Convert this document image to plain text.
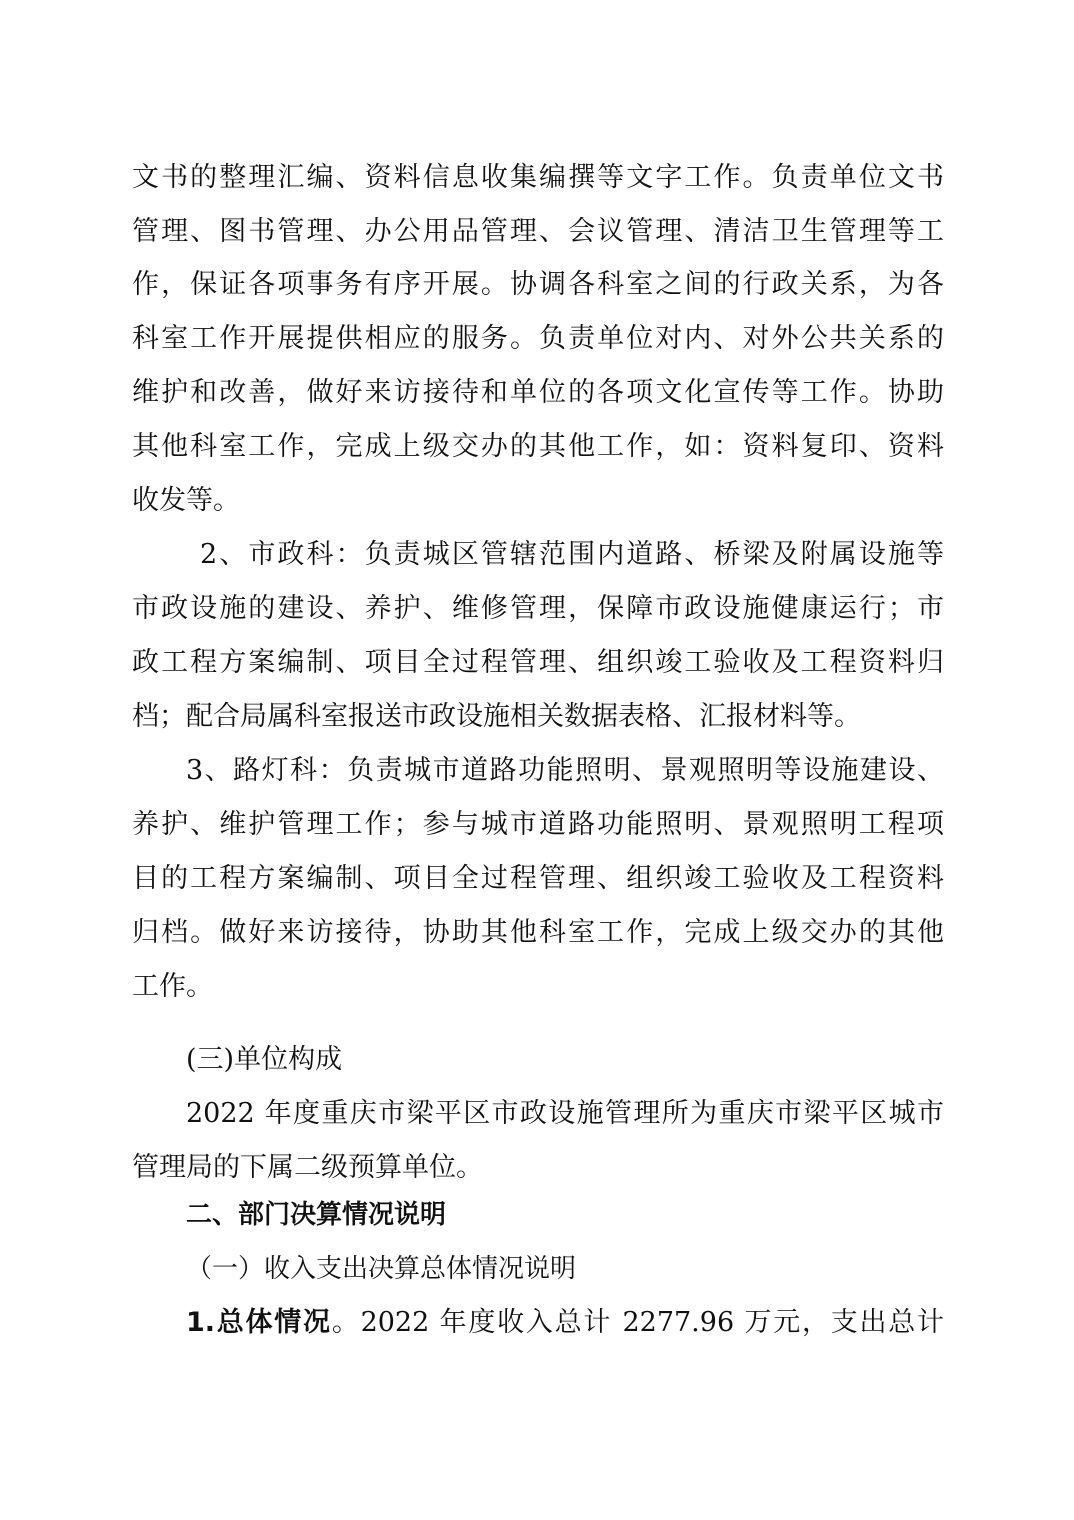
文书的整理汇编、资料信息收集编撰等文字工作。负责单位文书
管理、图书管理、办公用品管理、会议管理、清洁卫生管理等工
作，保证各项事务有序开展。协调各科室之间的行政关系，为各
科室工作开展提供相应的服务。负责单位对内、对外公共关系的
维护和改善，做好来访接待和单位的各项文化宣传等工作。协助
其他科室工作，完成上级交办的其他工作，如：资料复印、资料
收发等。
2、市政科：负责城区管辖范围内道路、桥梁及附属设施等
市政设施的建设、养护、维修管理，保障市政设施健康运行；市
政工程方案编制、项目全过程管理、组织竣工验收及工程资料归
档；配合局属科室报送市政设施相关数据表格、汇报材料等。
3、路灯科：负责城市道路功能照明、景观照明等设施建设、
养护、维护管理工作；参与城市道路功能照明、景观照明工程项
目的工程方案编制、项目全过程管理、组织竣工验收及工程资料
归档。做好来访接待，协助其他科室工作，完成上级交办的其他
工作。
(三)单位构成
2022 年度重庆市梁平区市政设施管理所为重庆市梁平区城市
管理局的下属二级预算单位。
二、部门决算情况说明
（一）收入支出决算总体情况说明
1.总体情况。2022 年度收入总计 2277.96 万元，支出总计
